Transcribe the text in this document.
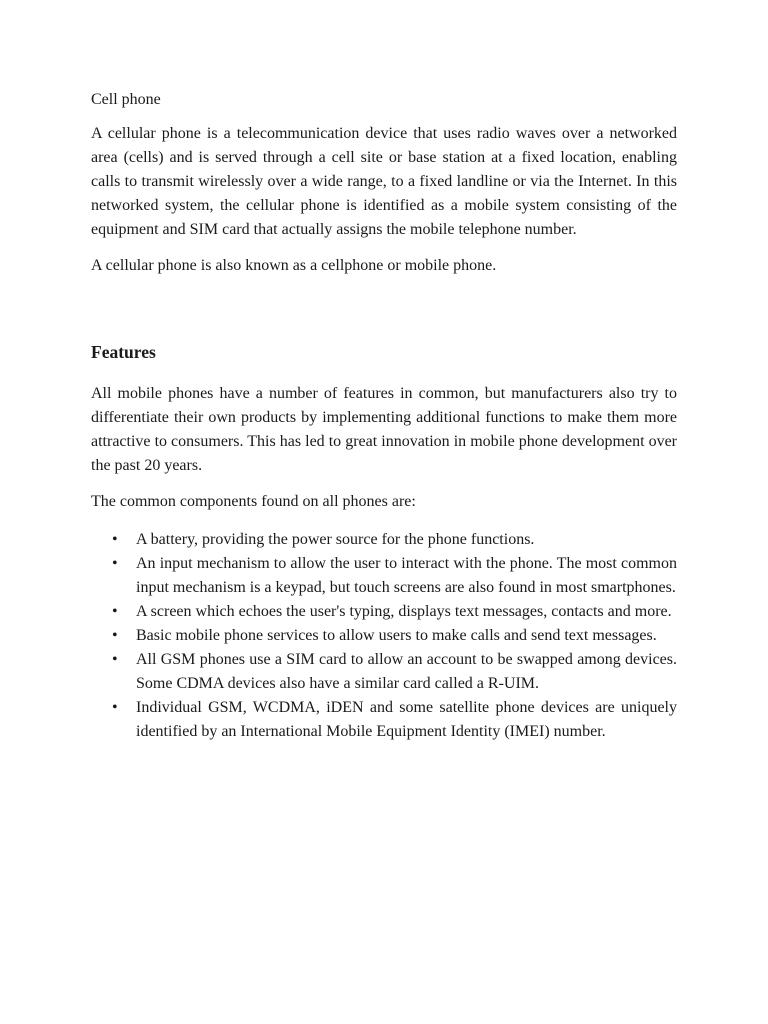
Cell phone

A cellular phone is a telecommunication device that uses radio waves over a networked area (cells) and is served through a cell site or base station at a fixed location, enabling calls to transmit wirelessly over a wide range, to a fixed landline or via the Internet. In this networked system, the cellular phone is identified as a mobile system consisting of the equipment and SIM card that actually assigns the mobile telephone number.

A cellular phone is also known as a cellphone or mobile phone.

Features

All mobile phones have a number of features in common, but manufacturers also try to differentiate their own products by implementing additional functions to make them more attractive to consumers. This has led to great innovation in mobile phone development over the past 20 years.

The common components found on all phones are:

• A battery, providing the power source for the phone functions.
• An input mechanism to allow the user to interact with the phone. The most common input mechanism is a keypad, but touch screens are also found in most smartphones.
• A screen which echoes the user's typing, displays text messages, contacts and more.
• Basic mobile phone services to allow users to make calls and send text messages.
• All GSM phones use a SIM card to allow an account to be swapped among devices. Some CDMA devices also have a similar card called a R-UIM.
• Individual GSM, WCDMA, iDEN and some satellite phone devices are uniquely identified by an International Mobile Equipment Identity (IMEI) number.
